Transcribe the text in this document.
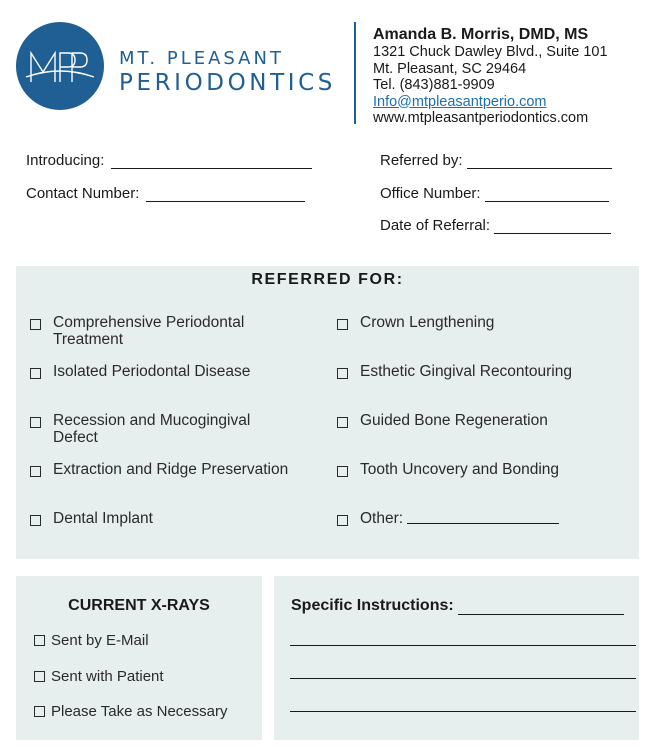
MT. PLEASANT
PERIODONTICS
Amanda B. Morris, DMD, MS
1321 Chuck Dawley Blvd., Suite 101
Mt. Pleasant, SC 29464
Tel. (843)881-9909
Info@mtpleasantperio.com
www.mtpleasantperiodontics.com
Introducing:
Contact Number:
Referred by:
Office Number:
Date of Referral:
REFERRED FOR:
Comprehensive Periodontal Treatment
Isolated Periodontal Disease
Recession and Mucogingival Defect
Extraction and Ridge Preservation
Dental Implant
Crown Lengthening
Esthetic Gingival Recontouring
Guided Bone Regeneration
Tooth Uncovery and Bonding
Other:
CURRENT X-RAYS
Sent by E-Mail
Sent with Patient
Please Take as Necessary
Specific Instructions:
